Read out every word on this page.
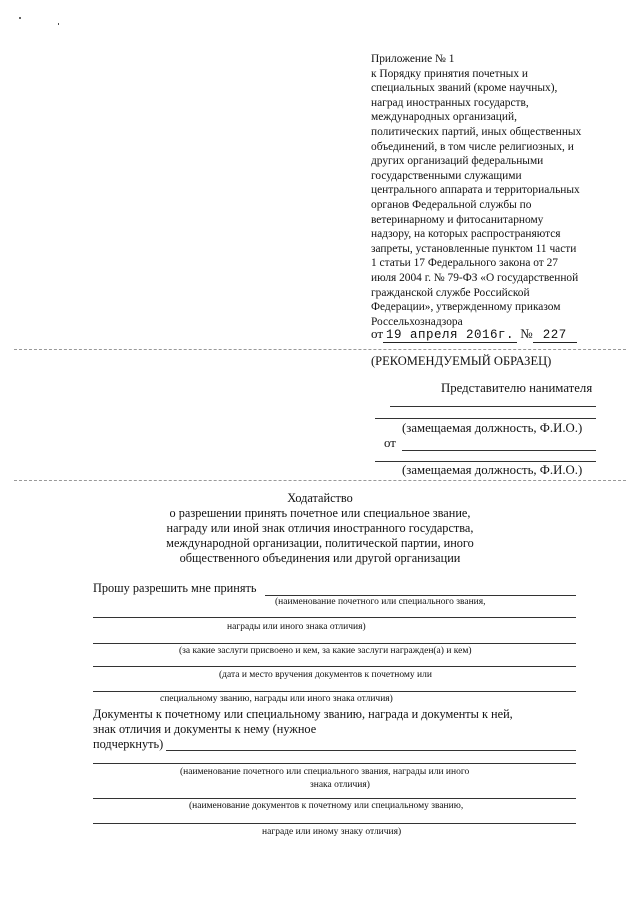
Приложение № 1
к Порядку принятия почетных и
специальных званий (кроме научных),
наград иностранных государств,
международных организаций,
политических партий, иных общественных
объединений, в том числе религиозных, и
других организаций федеральными
государственными служащими
центрального аппарата и территориальных
органов Федеральной службы по
ветеринарному и фитосанитарному
надзору, на которых распространяются
запреты, установленные пунктом 11 части
1 статьи 17 Федерального закона от 27
июля 2004 г. № 79-ФЗ «О государственной
гражданской службе Российской
Федерации», утвержденному приказом
Россельхознадзора
от 19 апреля 2016г. № 227
(РЕКОМЕНДУЕМЫЙ ОБРАЗЕЦ)
Представителю нанимателя
(замещаемая должность, Ф.И.О.)
от
(замещаемая должность, Ф.И.О.)
Ходатайство
о разрешении принять почетное или специальное звание,
награду или иной знак отличия иностранного государства,
международной организации, политической партии, иного
общественного объединения или другой организации
Прошу разрешить мне принять
(наименование почетного или специального звания,
награды или иного знака отличия)
(за какие заслуги присвоено и кем, за какие заслуги награжден(а) и кем)
(дата и место вручения документов к почетному или
специальному званию, награды или иного знака отличия)
Документы к почетному или специальному званию, награда и документы к ней,
знак отличия и документы к нему (нужное
подчеркнуть)
(наименование почетного или специального звания, награды или иного
знака отличия)
(наименование документов к почетному или специальному званию,
награде или иному знаку отличия)
